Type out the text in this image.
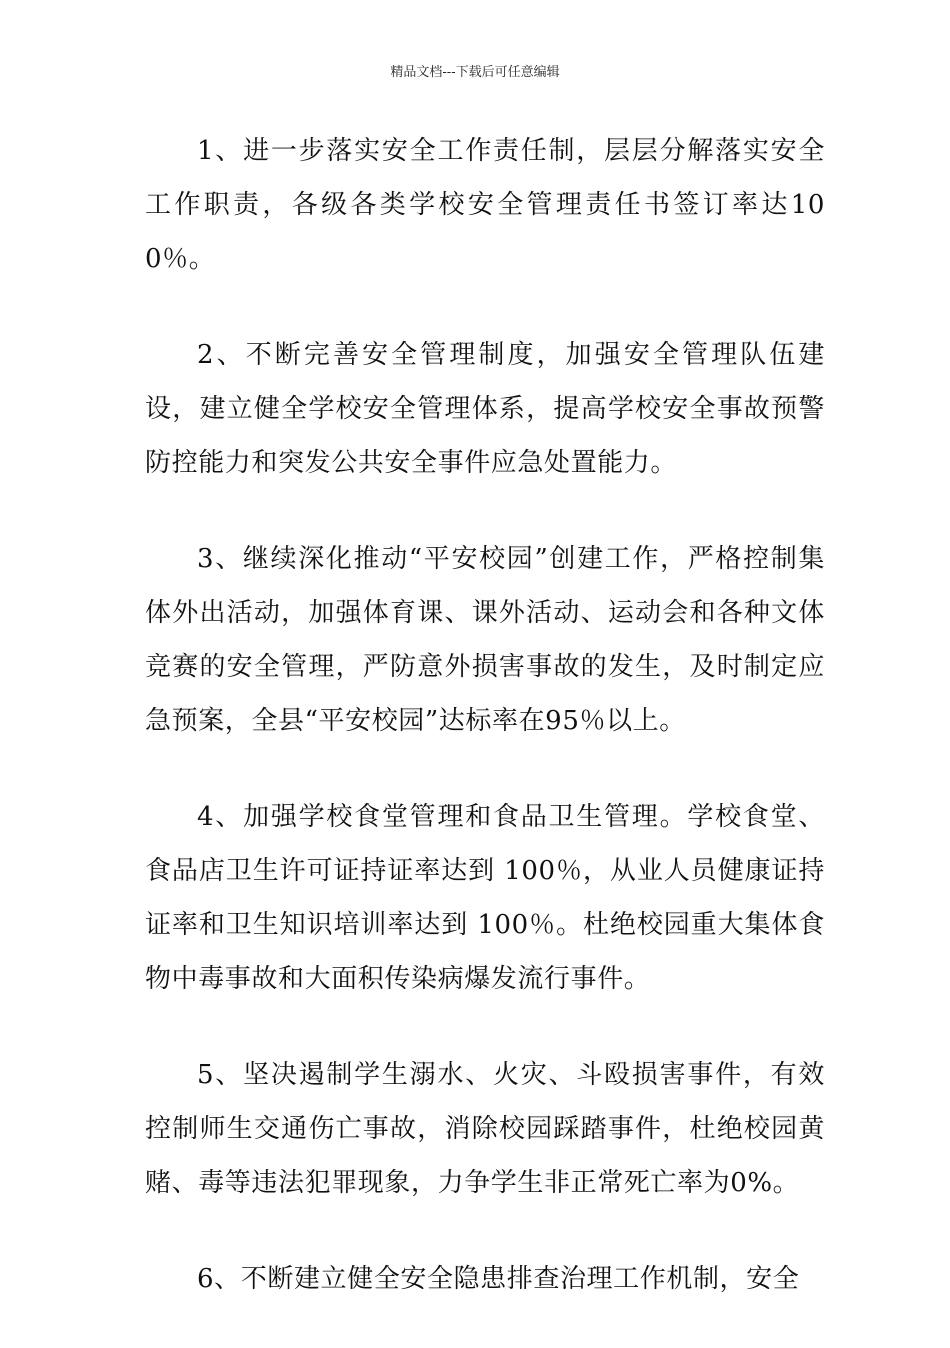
精品文档---下载后可任意编辑

1、进一步落实安全工作责任制，层层分解落实安全工作职责，各级各类学校安全管理责任书签订率达100％。

2、不断完善安全管理制度，加强安全管理队伍建设，建立健全学校安全管理体系，提高学校安全事故预警防控能力和突发公共安全事件应急处置能力。

3、继续深化推动“平安校园”创建工作，严格控制集体外出活动，加强体育课、课外活动、运动会和各种文体竞赛的安全管理，严防意外损害事故的发生，及时制定应急预案，全县“平安校园”达标率在95％以上。

4、加强学校食堂管理和食品卫生管理。学校食堂、食品店卫生许可证持证率达到 100％，从业人员健康证持证率和卫生知识培训率达到 100％。杜绝校园重大集体食物中毒事故和大面积传染病爆发流行事件。

5、坚决遏制学生溺水、火灾、斗殴损害事件，有效控制师生交通伤亡事故，消除校园踩踏事件，杜绝校园黄赌、毒等违法犯罪现象，力争学生非正常死亡率为0%。

6、不断建立健全安全隐患排查治理工作机制，安全
